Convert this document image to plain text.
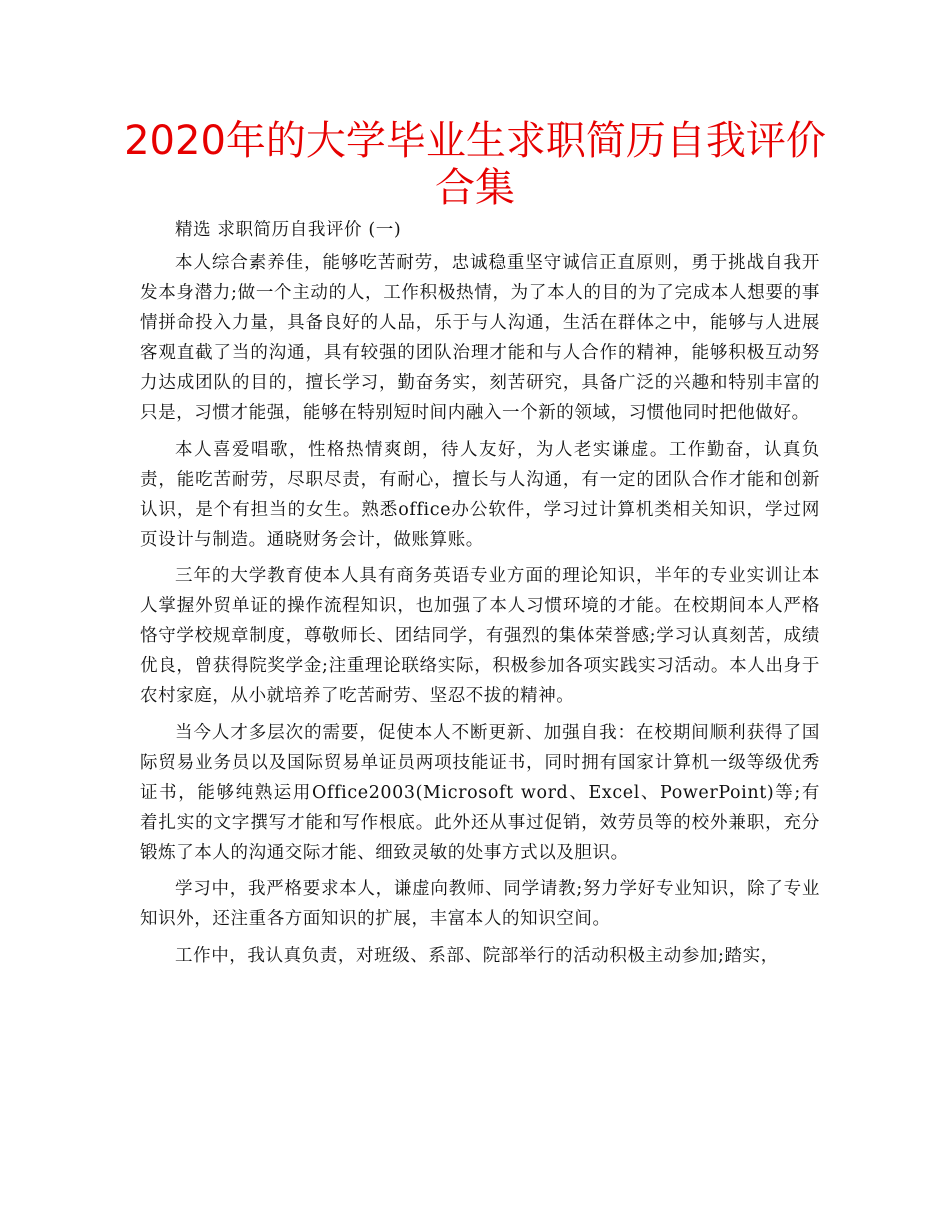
2020年的大学毕业生求职简历自我评价合集

精选 求职简历自我评价 (一)

本人综合素养佳，能够吃苦耐劳，忠诚稳重坚守诚信正直原则，勇于挑战自我开发本身潜力;做一个主动的人，工作积极热情，为了本人的目的为了完成本人想要的事情拼命投入力量，具备良好的人品，乐于与人沟通，生活在群体之中，能够与人进展客观直截了当的沟通，具有较强的团队治理才能和与人合作的精神，能够积极互动努力达成团队的目的，擅长学习，勤奋务实，刻苦研究，具备广泛的兴趣和特别丰富的只是，习惯才能强，能够在特别短时间内融入一个新的领域，习惯他同时把他做好。

本人喜爱唱歌，性格热情爽朗，待人友好，为人老实谦虚。工作勤奋，认真负责，能吃苦耐劳，尽职尽责，有耐心，擅长与人沟通，有一定的团队合作才能和创新认识，是个有担当的女生。熟悉office办公软件，学习过计算机类相关知识，学过网页设计与制造。通晓财务会计，做账算账。

三年的大学教育使本人具有商务英语专业方面的理论知识，半年的专业实训让本人掌握外贸单证的操作流程知识，也加强了本人习惯环境的才能。在校期间本人严格恪守学校规章制度，尊敬师长、团结同学，有强烈的集体荣誉感;学习认真刻苦，成绩优良，曾获得院奖学金;注重理论联络实际，积极参加各项实践实习活动。本人出身于农村家庭，从小就培养了吃苦耐劳、坚忍不拔的精神。

当今人才多层次的需要，促使本人不断更新、加强自我：在校期间顺利获得了国际贸易业务员以及国际贸易单证员两项技能证书，同时拥有国家计算机一级等级优秀证书，能够纯熟运用Office2003(Microsoft word、Excel、PowerPoint)等;有着扎实的文字撰写才能和写作根底。此外还从事过促销，效劳员等的校外兼职，充分锻炼了本人的沟通交际才能、细致灵敏的处事方式以及胆识。

学习中，我严格要求本人，谦虚向教师、同学请教;努力学好专业知识，除了专业知识外，还注重各方面知识的扩展，丰富本人的知识空间。

工作中，我认真负责，对班级、系部、院部举行的活动积极主动参加;踏实，
